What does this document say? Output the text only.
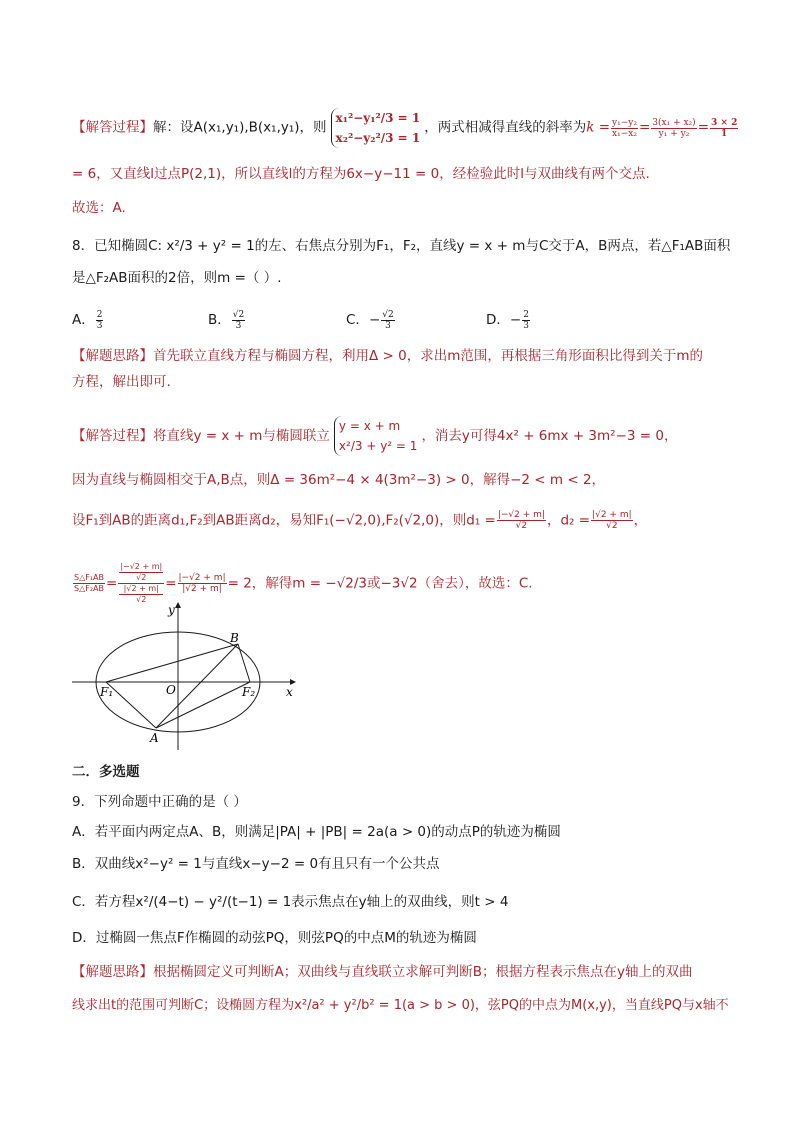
【解答过程】解：设A(x₁,y₁),B(x₁,y₁)，则
x₁²−y₁²/3 = 1
x₂²−y₂²/3 = 1
，两式相减得直线的斜率为$k = \frac{\text{y₁−y₂}}{\text{x₁−x₂}} = \frac{\text{3(x₁ + x₂)}}{\text{y₁ + y₂}} = \frac{3 \times 2}{1}$
= 6，又直线l过点P(2,1)，所以直线l的方程为6x−y−11 = 0，经检验此时l与双曲线有两个交点.
故选：A.
8．已知椭圆C: x²/3 + y² = 1的左、右焦点分别为F₁，F₂，直线y = x + m与C交于A，B两点，若△F₁AB面积
是△F₂AB面积的2倍，则m =（ ）.
A． $\frac{2}{3}$	B． $\frac{√2}{3}$	C．− $\frac{√2}{3}$	D．− $\frac{2}{3}$
【解题思路】首先联立直线方程与椭圆方程，利用Δ > 0，求出m范围，再根据三角形面积比得到关于m的
方程，解出即可.
【解答过程】将直线y = x + m与椭圆联立
y = x + m
x²/3 + y² = 1
，消去y可得4x² + 6mx + 3m²−3 = 0，
因为直线与椭圆相交于A,B点，则Δ = 36m²−4 × 4(3m²−3) > 0，解得−2 < m < 2，
设F₁到AB的距离d₁,F₂到AB距离d₂，易知F₁(−√2,0),F₂(√2,0)，则$d_1 = \frac{|-√2 + m|}{√2}$ ，$d_2 = \frac{|√2 + m|}{√2}$ ，
$\frac{\text{S△F₁AB}}{\text{S△F₂AB}} = |-√2 + m|$
√2
|√2 + m|
$√2 = \frac{|-√2 + m|}{|√2 + m|} = 2$，解得m = −√2/3或−3√2（舍去），故选：C.
y
x
O
F₁	F₂
A
B
二．多选题
9．下列命题中正确的是（ ）
A．若平面内两定点A、B，则满足|PA| + |PB| = 2a(a > 0)的动点P的轨迹为椭圆
B．双曲线x²−y² = 1与直线x−y−2 = 0有且只有一个公共点
C．若方程x²/(4−t) − y²/(t−1) = 1表示焦点在y轴上的双曲线，则t > 4
D．过椭圆一焦点F作椭圆的动弦PQ，则弦PQ的中点M的轨迹为椭圆
【解题思路】根据椭圆定义可判断A；双曲线与直线联立求解可判断B；根据方程表示焦点在y轴上的双曲
线求出t的范围可判断C；设椭圆方程为x²/a² + y²/b² = 1(a > b > 0)，弦PQ的中点为M(x,y)，当直线PQ与x轴不
